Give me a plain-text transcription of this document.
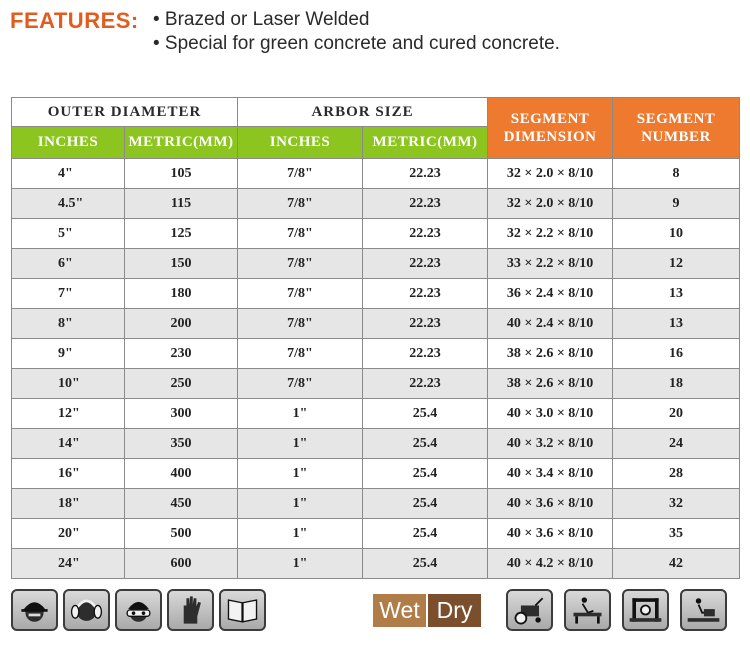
FEATURES: • Brazed or Laser Welded
• Special for green concrete and cured concrete.
OUTER DIAMETER		ARBOR SIZE		SEGMENT DIMENSION	SEGMENT NUMBER
INCHES	METRIC(MM)	INCHES	METRIC(MM)		
4"	105	7/8"	22.23	32 × 2.0 × 8/10	8
4.5"	115	7/8"	22.23	32 × 2.0 × 8/10	9
5"	125	7/8"	22.23	32 × 2.2 × 8/10	10
6"	150	7/8"	22.23	33 × 2.2 × 8/10	12
7"	180	7/8"	22.23	36 × 2.4 × 8/10	13
8"	200	7/8"	22.23	40 × 2.4 × 8/10	13
9"	230	7/8"	22.23	38 × 2.6 × 8/10	16
10"	250	7/8"	22.23	38 × 2.6 × 8/10	18
12"	300	1"	25.4	40 × 3.0 × 8/10	20
14"	350	1"	25.4	40 × 3.2 × 8/10	24
16"	400	1"	25.4	40 × 3.4 × 8/10	28
18"	450	1"	25.4	40 × 3.6 × 8/10	32
20"	500	1"	25.4	40 × 3.6 × 8/10	35
24"	600	1"	25.4	40 × 4.2 × 8/10	42
Wet Dry
